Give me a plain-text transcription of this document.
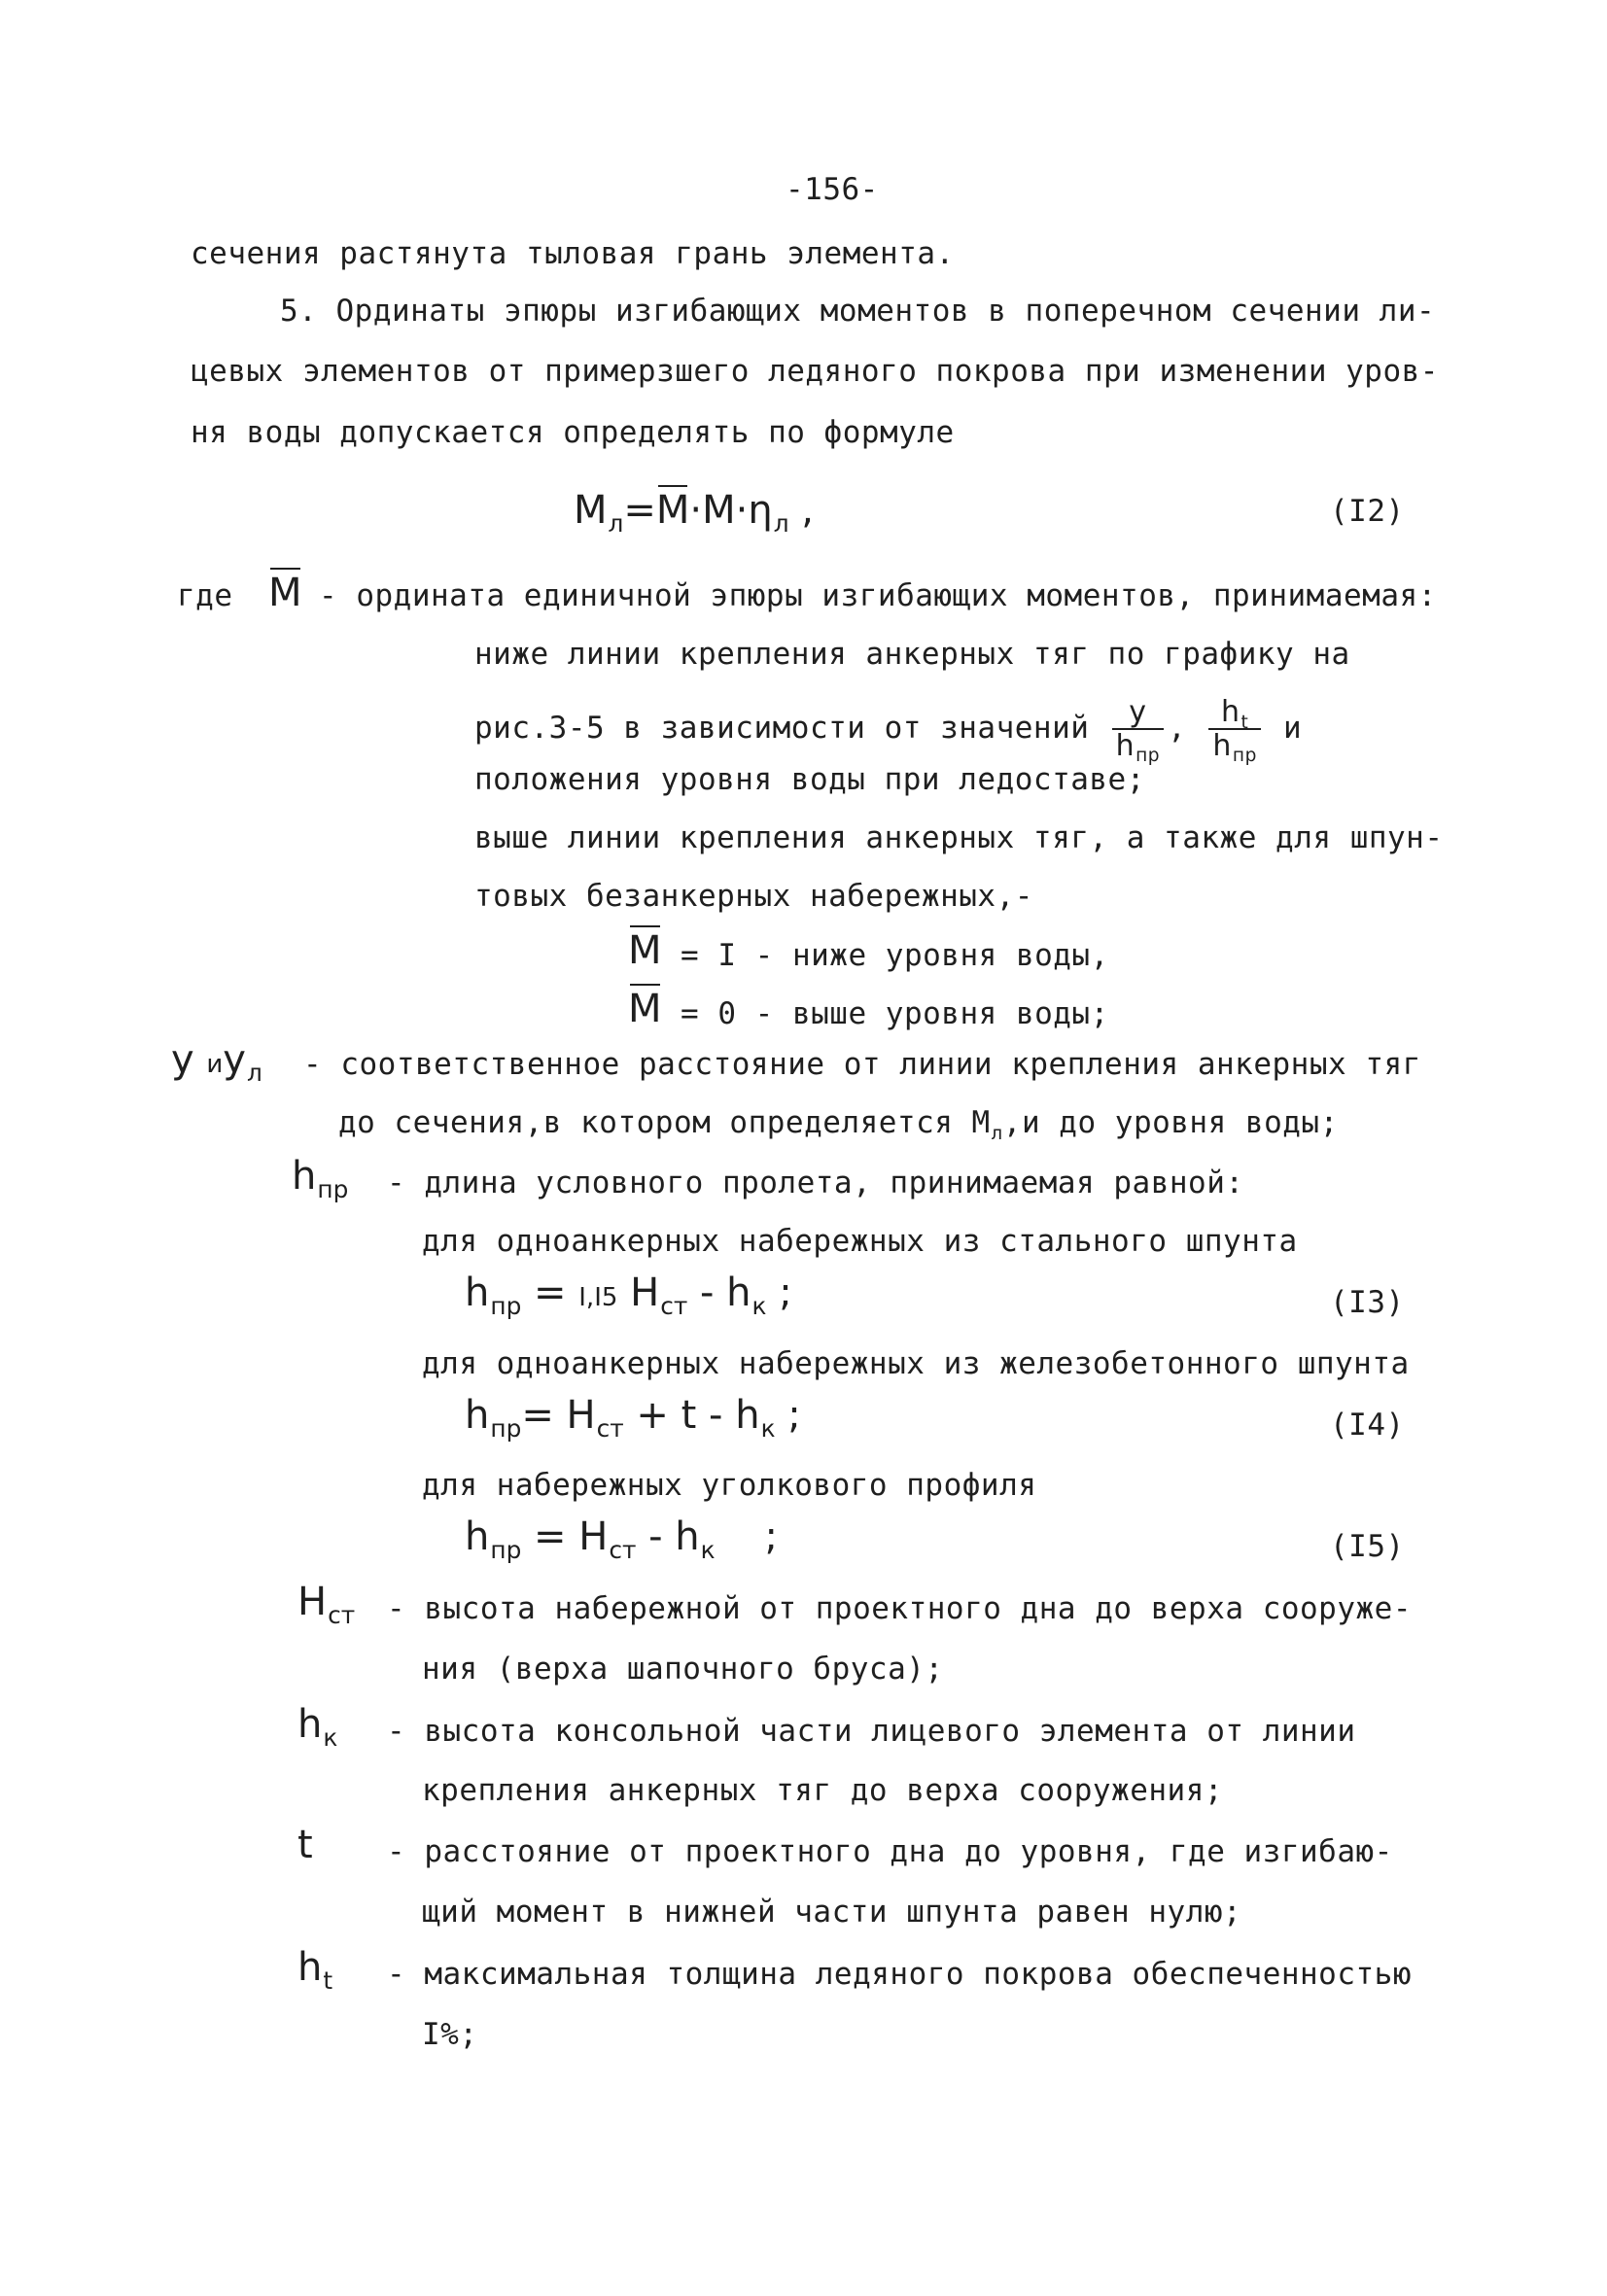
-156-
сечения растянута тыловая грань элемента.
5. Ординаты эпюры изгибающих моментов в поперечном сечении ли-
цевых элементов от примерзшего ледяного покрова при изменении уров-
ня воды допускается определять по формуле
$M_л=M\cdot M\cdot\eta_л$ ,	(I2)
где M - ордината единичной эпюры изгибающих моментов, принимаемая:
ниже линии крепления анкерных тяг по графику на
рис.3-5 в зависимости от значений $\frac{y}{h_{пр}}$ , $\frac{h_t}{h_{пр}}$ и
положения уровня воды при ледоставе;
выше линии крепления анкерных тяг, а также для шпун-
товых безанкерных набережных,-
M = I - ниже уровня воды,
M = 0 - выше уровня воды;
y $иy_л$ - соответственное расстояние от линии крепления анкерных тяг
до сечения,в котором определяется $М_л,и$ до уровня воды;
$h_{пр}$ - длина условного пролета, принимаемая равной:
для одноанкерных набережных из стального шпунта
$h_{пр} = I,I5$ $H_{ст} - h_к$ ;	(I3)
для одноанкерных набережных из железобетонного шпунта
$h_{пр}= H_{ст} + t - h_к$ ;	(I4)
для набережных уголкового профиля
$h_{пр} = H_{ст} - h_к$    ;	(I5)
$H_{ст}$ - высота набережной от проектного дна до верха сооруже-
ния (верха шапочного бруса);
$h_к$ - высота консольной части лицевого элемента от линии
крепления анкерных тяг до верха сооружения;
t - расстояние от проектного дна до уровня, где изгибаю-
щий момент в нижней части шпунта равен нулю;
$h_t$ - максимальная толщина ледяного покрова обеспеченностью
I%;
